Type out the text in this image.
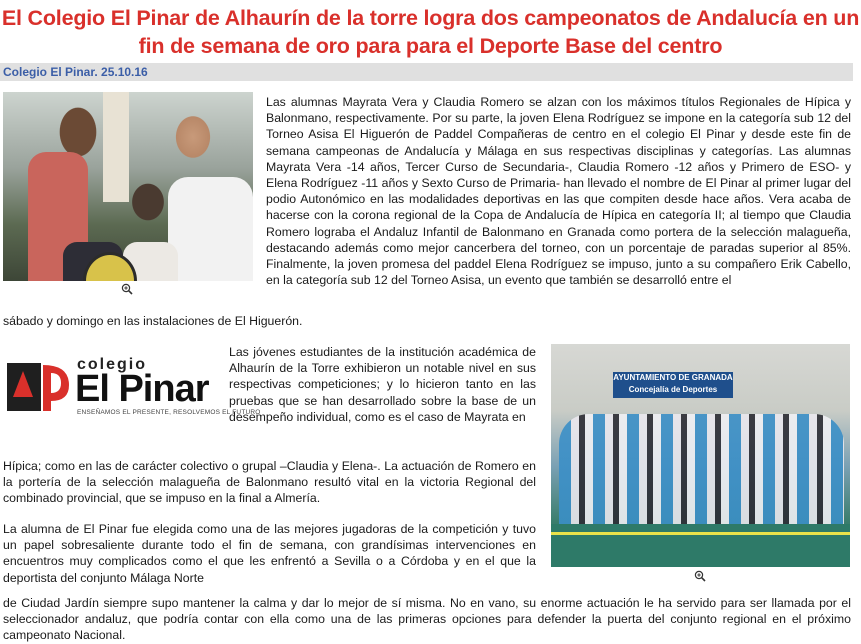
El Colegio El Pinar de Alhaurín de la torre logra dos campeonatos de Andalucía en un fin de semana de oro para para el Deporte Base del centro
Colegio El Pinar. 25.10.16
Las alumnas Mayrata Vera y Claudia Romero se alzan con los máximos títulos Regionales de Hípica y Balonmano, respectivamente. Por su parte, la joven Elena Rodríguez se impone en la categoría sub 12 del Torneo Asisa El Higuerón de Paddel Compañeras de centro en el colegio El Pinar y desde este fin de semana campeonas de Andalucía y Málaga en sus respectivas disciplinas y categorías. Las alumnas Mayrata Vera -14 años, Tercer Curso de Secundaria-, Claudia Romero -12 años y Primero de ESO- y Elena Rodríguez -11 años y Sexto Curso de Primaria- han llevado el nombre de El Pinar al primer lugar del podio Autonómico en las modalidades deportivas en las que compiten desde hace años. Vera acaba de hacerse con la corona regional de la Copa de Andalucía de Hípica en categoría II; al tiempo que Claudia Romero lograba el Andaluz Infantil de Balonmano en Granada como portera de la selección malagueña, destacando además como mejor cancerbera del torneo, con un porcentaje de paradas superior al 85%. Finalmente, la joven promesa del paddel Elena Rodríguez se impuso, junto a su compañero Erik Cabello, en la categoría sub 12 del Torneo Asisa, un evento que también se desarrolló entre el
sábado y domingo en las instalaciones de El Higuerón.
colegio
El Pinar
ENSEÑAMOS EL PRESENTE, RESOLVEMOS EL FUTURO
Las jóvenes estudiantes de la institución académica de Alhaurín de la Torre exhibieron un notable nivel en sus respectivas competiciones; y lo hicieron tanto en las pruebas que se han desarrollado sobre la base de un desempeño individual, como es el caso de Mayrata en
Hípica; como en las de carácter colectivo o grupal –Claudia y Elena-. La actuación de Romero en la portería de la selección malagueña de Balonmano resultó vital en la victoria Regional del combinado provincial, que se impuso en la final a Almería.
AYUNTAMIENTO DE GRANADA
Concejalía de Deportes
La alumna de El Pinar fue elegida como una de las mejores jugadoras de la competición y tuvo un papel sobresaliente durante todo el fin de semana, con grandísimas intervenciones en encuentros muy complicados como el que les enfrentó a Sevilla o a Córdoba y en el que la deportista del conjunto Málaga Norte
de Ciudad Jardín siempre supo mantener la calma y dar lo mejor de sí misma. No en vano, su enorme actuación le ha servido para ser llamada por el seleccionador andaluz, que podría contar con ella como una de las primeras opciones para defender la puerta del conjunto regional en el próximo campeonato Nacional.
